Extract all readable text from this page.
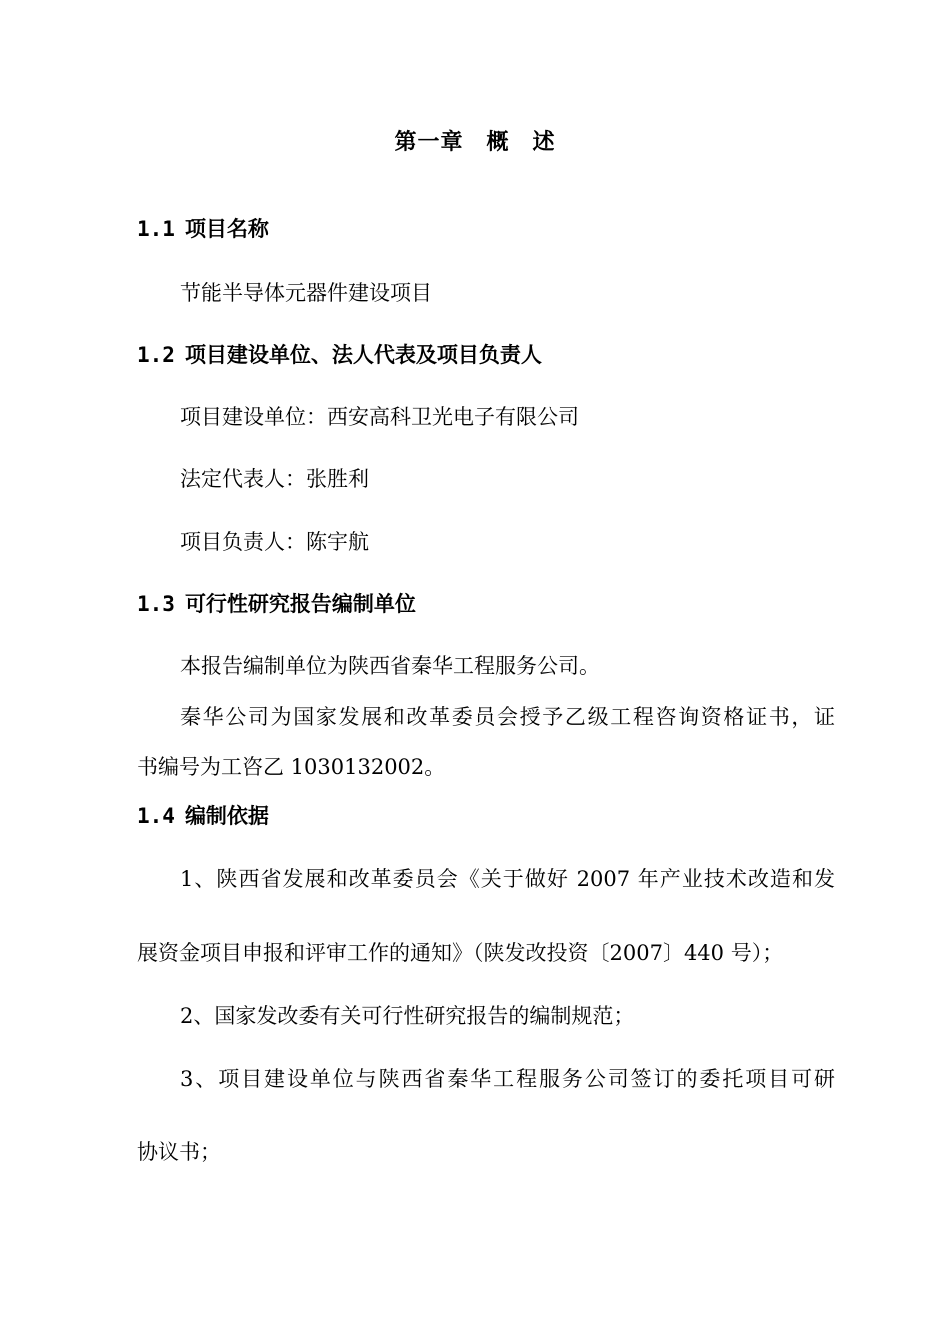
第一章　概　述
1.1 项目名称
节能半导体元器件建设项目
1.2 项目建设单位、法人代表及项目负责人
项目建设单位：西安高科卫光电子有限公司
法定代表人：张胜利
项目负责人：陈宇航
1.3 可行性研究报告编制单位
本报告编制单位为陕西省秦华工程服务公司。
秦华公司为国家发展和改革委员会授予乙级工程咨询资格证书，证
书编号为工咨乙 1030132002。
1.4 编制依据
1、陕西省发展和改革委员会《关于做好 2007 年产业技术改造和发
展资金项目申报和评审工作的通知》（陕发改投资〔2007〕440 号）；
2、国家发改委有关可行性研究报告的编制规范；
3、项目建设单位与陕西省秦华工程服务公司签订的委托项目可研
协议书；
